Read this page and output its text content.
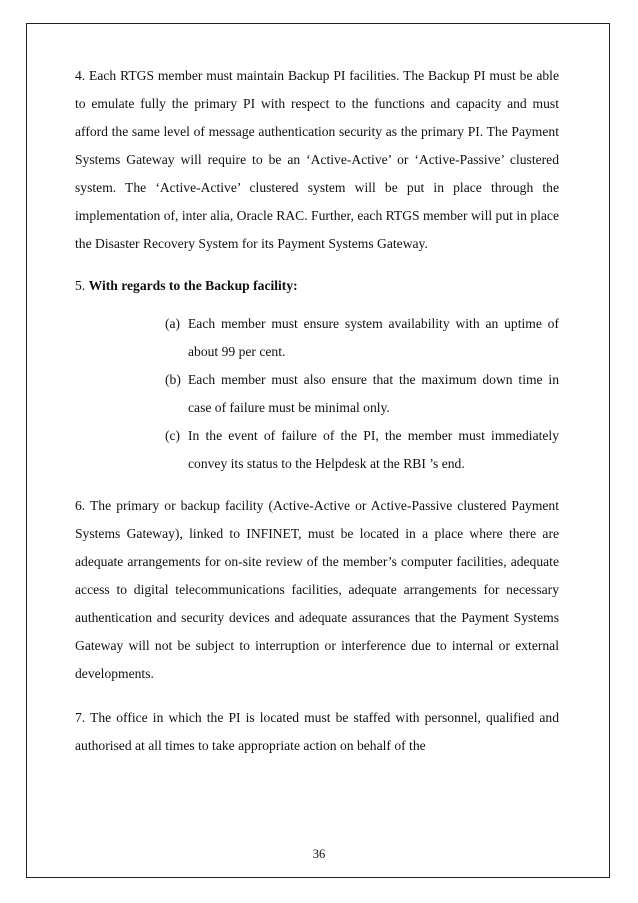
4. Each RTGS member must maintain Backup PI facilities. The Backup PI must be able to emulate fully the primary PI with respect to the functions and capacity and must afford the same level of message authentication security as the primary PI. The Payment Systems Gateway will require to be an ‘Active-Active’ or ‘Active-Passive’ clustered system. The ‘Active-Active’ clustered system will be put in place through the implementation of, inter alia, Oracle RAC. Further, each RTGS member will put in place the Disaster Recovery System for its Payment Systems Gateway.

5. With regards to the Backup facility:

(a) Each member must ensure system availability with an uptime of about 99 per cent.
(b) Each member must also ensure that the maximum down time in case of failure must be minimal only.
(c) In the event of failure of the PI, the member must immediately convey its status to the Helpdesk at the RBI ’s end.

6. The primary or backup facility (Active-Active or Active-Passive clustered Payment Systems Gateway), linked to INFINET, must be located in a place where there are adequate arrangements for on-site review of the member’s computer facilities, adequate access to digital telecommunications facilities, adequate arrangements for necessary authentication and security devices and adequate assurances that the Payment Systems Gateway will not be subject to interruption or interference due to internal or external developments.

7. The office in which the PI is located must be staffed with personnel, qualified and authorised at all times to take appropriate action on behalf of the

36
